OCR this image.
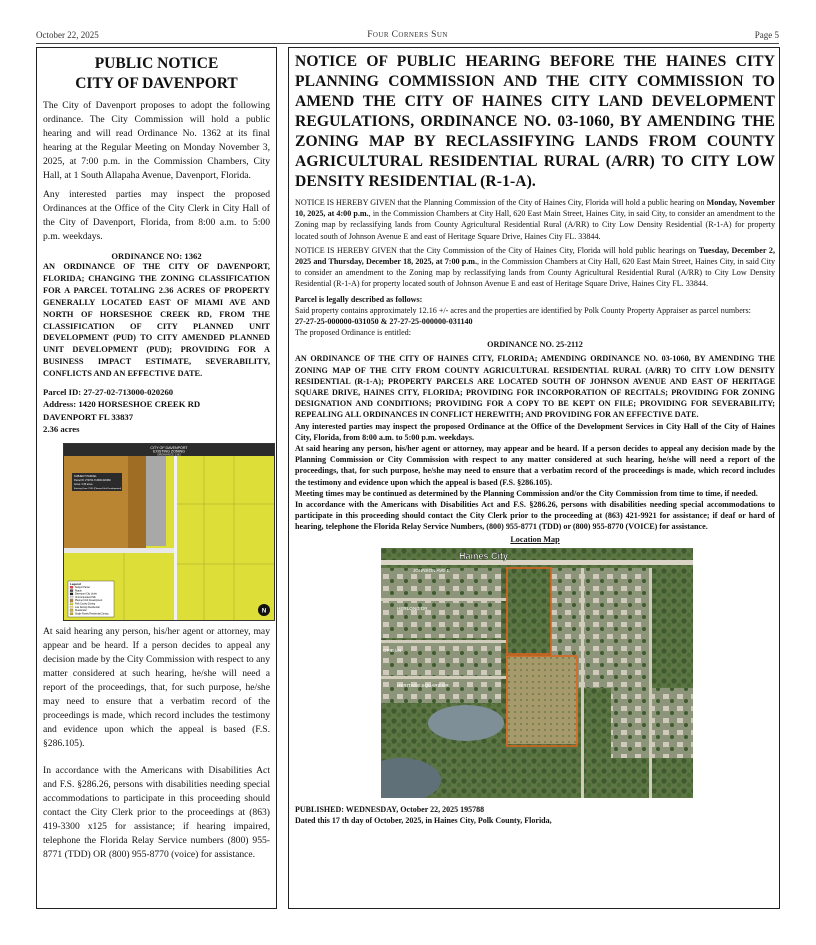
October 22, 2025	Four Corners Sun	Page 5

PUBLIC NOTICE

CITY OF DAVENPORT

The City of Davenport proposes to adopt the following ordinance. The City Commission will hold a public hearing and will read Ordinance No. 1362 at its final hearing at the Regular Meeting on Monday November 3, 2025, at 7:00 p.m. in the Commission Chambers, City Hall, at 1 South Allapaha Avenue, Davenport, Florida.

Any interested parties may inspect the proposed Ordinances at the Office of the City Clerk in City Hall of the City of Davenport, Florida, from 8:00 a.m. to 5:00 p.m. weekdays.

ORDINANCE NO: 1362

AN ORDINANCE OF THE CITY OF DAVENPORT, FLORIDA; CHANGING THE ZONING CLASSIFICATION FOR A PARCEL TOTALING 2.36 ACRES OF PROPERTY GENERALLY LOCATED EAST OF MIAMI AVE AND NORTH OF HORSESHOE CREEK RD, FROM THE CLASSIFICATION OF CITY PLANNED UNIT DEVELOPMENT (PUD) TO CITY AMENDED PLANNED UNIT DEVELOPMENT (PUD); PROVIDING FOR A BUSINESS IMPACT ESTIMATE, SEVERABILITY, CONFLICTS AND AN EFFECTIVE DATE.

Parcel ID: 27-27-02-713000-020260
Address: 1420 HORSESHOE CREEK RD
DAVENPORT FL 33837
2.36 acres

CITY OF DAVENPORT
EXISTING ZONING
ORDINANCE 1362
SUBJECT PARCEL
Parcel ID: 272702-713000-020260
Acres: 2.36 acres
Existing Zone: PUD (Planned Unit Development)
Legend
Subject Parcel
Roads
Davenport City Limits
Unincorporated Polk
Planned Unit Development
Polk County Zoning
Low Density Residential
Residential
Single Family Residential Zoning	N

At said hearing any person, his/her agent or attorney, may appear and be heard. If a person decides to appeal any decision made by the City Commission with respect to any matter considered at such hearing, he/she will need a report of the proceedings, that, for such purpose, he/she may need to ensure that a verbatim record of the proceedings is made, which record includes the testimony and evidence upon which the appeal is based (F.S. §286.105).

In accordance with the Americans with Disabilities Act and F.S. §286.26, persons with disabilities needing special accommodations to participate in this proceeding should contact the City Clerk prior to the proceedings at (863) 419-3300 x125 for assistance; if hearing impaired, telephone the Florida Relay Service numbers (800) 955-8771 (TDD) OR (800) 955-8770 (voice) for assistance.

NOTICE OF PUBLIC HEARING BEFORE THE HAINES CITY PLANNING COMMISSION AND THE CITY COMMISSION TO AMEND THE CITY OF HAINES CITY LAND DEVELOPMENT REGULATIONS, ORDINANCE NO. 03-1060, BY AMENDING THE ZONING MAP BY RECLASSIFYING LANDS FROM COUNTY AGRICULTURAL RESIDENTIAL RURAL (A/RR) TO CITY LOW DENSITY RESIDENTIAL (R-1-A).

NOTICE IS HEREBY GIVEN that the Planning Commission of the City of Haines City, Florida will hold a public hearing on Monday, November 10, 2025, at 4:00 p.m., in the Commission Chambers at City Hall, 620 East Main Street, Haines City, in said City, to consider an amendment to the Zoning map by reclassifying lands from County Agricultural Residential Rural (A/RR) to City Low Density Residential (R-1-A) for property located south of Johnson Avenue E and east of Heritage Square Drive, Haines City FL. 33844.

NOTICE IS HEREBY GIVEN that the City Commission of the City of Haines City, Florida will hold public hearings on Tuesday, December 2, 2025 and Thursday, December 18, 2025, at 7:00 p.m., in the Commission Chambers at City Hall, 620 East Main Street, Haines City, in said City to consider an amendment to the Zoning map by reclassifying lands from County Agricultural Residential Rural (A/RR) to City Low Density Residential (R-1-A) for property located south of Johnson Avenue E and east of Heritage Square Drive, Haines City FL. 33844.

Parcel is legally described as follows:

Said property contains approximately 12.16 +/- acres and the properties are identified by Polk County Property Appraiser as parcel numbers:

27-27-25-000000-031050 & 27-27-25-000000-031140

The proposed Ordinance is entitled:

ORDINANCE NO. 25-2112

AN ORDINANCE OF THE CITY OF HAINES CITY, FLORIDA; AMENDING ORDINANCE NO. 03-1060, BY AMENDING THE ZONING MAP OF THE CITY FROM COUNTY AGRICULTURAL RESIDENTIAL RURAL (A/RR) TO CITY LOW DENSITY RESIDENTIAL (R-1-A); PROPERTY PARCELS ARE LOCATED SOUTH OF JOHNSON AVENUE AND EAST OF HERITAGE SQUARE DRIVE, HAINES CITY, FLORIDA; PROVIDING FOR INCORPORATION OF RECITALS; PROVIDING FOR ZONING DESIGNATION AND CONDITIONS; PROVIDING FOR A COPY TO BE KEPT ON FILE; PROVIDING FOR SEVERABILITY; REPEALING ALL ORDINANCES IN CONFLICT HEREWITH; AND PROVIDING FOR AN EFFECTIVE DATE.

Any interested parties may inspect the proposed Ordinance at the Office of the Development Services in City Hall of the City of Haines City, Florida, from 8:00 a.m. to 5:00 p.m. weekdays.

At said hearing any person, his/her agent or attorney, may appear and be heard. If a person decides to appeal any decision made by the Planning Commission or City Commission with respect to any matter considered at such hearing, he/she will need a report of the proceedings, that, for such purpose, he/she may need to ensure that a verbatim record of the proceedings is made, which record includes the testimony and evidence upon which the appeal is based (F.S. §286.105).

Meeting times may be continued as determined by the Planning Commission and/or the City Commission from time to time, if needed.

In accordance with the Americans with Disabilities Act and F.S. §286.26, persons with disabilities needing special accommodations to participate in this proceeding should contact the City Clerk prior to the proceeding at (863) 421-9921 for assistance; if deaf or hard of hearing, telephone the Florida Relay Service Numbers, (800) 955-8771 (TDD) or (800) 955-8770 (VOICE) for assistance.

Location Map

Haines City
JOHNSON AVE E
HERLONG DR
OPIE LN
HERITAGE SQUARE DR

PUBLISHED: WEDNESDAY, October 22, 2025 195788
Dated this 17 th day of October, 2025, in Haines City, Polk County, Florida,
